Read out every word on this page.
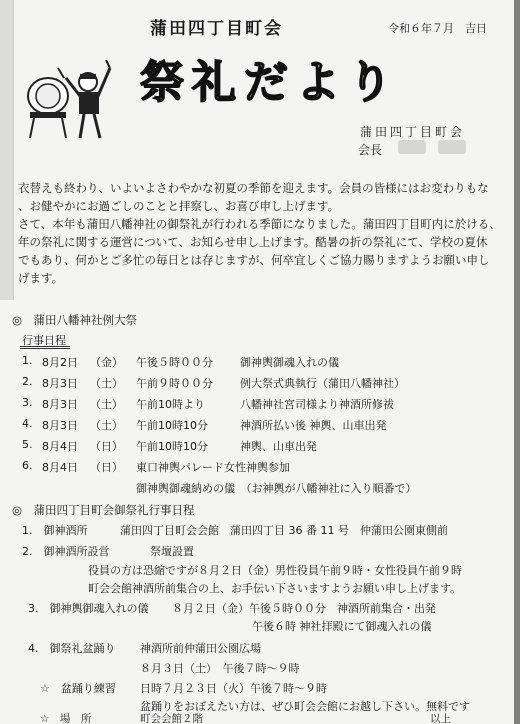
蒲田四丁目町会	令和６年７月　吉日
祭礼だより
蒲田四丁目町会
会長
衣替えも終わり、いよいよさわやかな初夏の季節を迎えます。会員の皆様にはお変わりもな
、お健やかにお過ごしのことと拝察し、お喜び申し上げます。
さて、本年も蒲田八幡神社の御祭礼が行われる季節になりました。蒲田四丁目町内に於ける、
年の祭礼に関する運営について、お知らせ申し上げます。酷暑の折の祭礼にて、学校の夏休
でもあり、何かとご多忙の毎日とは存じますが、何卒宜しくご協力賜りますようお願い申し
げます。
◎　蒲田八幡神社例大祭
行事日程
1. 8月2日 （金） 午後５時００分 御神輿御魂入れの儀
2. 8月3日 （土） 午前９時００分 例大祭式典執行（蒲田八幡神社）
3. 8月3日 （土） 午前10時より	八幡神社宮司様より神酒所修祓
4. 8月3日 （土） 午前10時10分	神酒所払い後 神輿、山車出発
5. 8月4日 （日） 午前10時10分	神輿、山車出発
6. 8月4日 （日） 東口神輿パレード女性神輿参加
御神輿御魂納めの儀　（お神輿が八幡神社に入り順番で）
◎　蒲田四丁目町会御祭礼行事日程
1.　御神酒所	蒲田四丁目町会会館　蒲田四丁目 36 番 11 号　仲蒲田公園東側前
2.　御神酒所設営	祭壇設置
役員の方は恐縮ですが８月２日（金）男性役員午前９時・女性役員午前９時
町会会館神酒所前集合の上、お手伝い下さいますようお願い申し上げます。
3.　御神輿御魂入れの儀 ８月２日（金）午後５時００分　神酒所前集合・出発
午後６時 神社拝殿にて御魂入れの儀
4.　御祭礼盆踊り 神酒所前仲蒲田公園広場
８月３日（土）　午後７時～９時
☆　盆踊り練習 日時７月２３日（火）午後７時～９時
盆踊りをおぼえたい方は、ぜひ町会会館にお越し下さい。無料です
☆　場　所	町会会館２階	以上
